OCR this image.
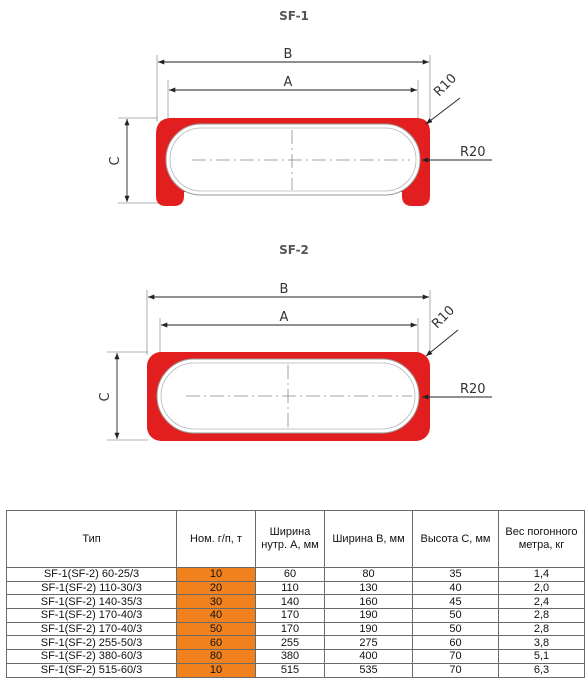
SF-1
B
A
C
R10
R20
SF-2
B
A
C
R10
R20
Тип	Ном. г/п, т	Ширина нутр. А, мм	Ширина В, мм	Высота С, мм	Вес погонного метра, кг
SF-1(SF-2) 60-25/3	10	60	80	35	1,4
SF-1(SF-2) 110-30/3	20	110	130	40	2,0
SF-1(SF-2) 140-35/3	30	140	160	45	2,4
SF-1(SF-2) 170-40/3	40	170	190	50	2,8
SF-1(SF-2) 170-40/3	50	170	190	50	2,8
SF-1(SF-2) 255-50/3	60	255	275	60	3,8
SF-1(SF-2) 380-60/3	80	380	400	70	5,1
SF-1(SF-2) 515-60/3	10	515	535	70	6,3
